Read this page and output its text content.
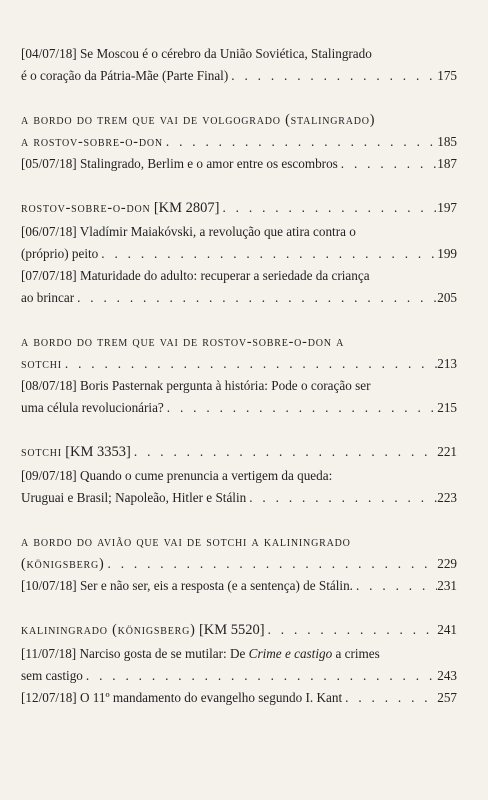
[04/07/18] Se Moscou é o cérebro da União Soviética, Stalingrado
é o coração da Pátria-Mãe (Parte Final) . . .	175
a bordo do trem que vai de volgogrado (stalingrado)
a rostov-sobre-o-don . . .	185
[05/07/18] Stalingrado, Berlim e o amor entre os escombros . . .	187
rostov-sobre-o-don
[KM 2807] . . .	197
[06/07/18] Vladímir Maiakóvski, a revolução que atira contra o
(próprio) peito . . .	199
[07/07/18] Maturidade do adulto: recuperar a seriedade da criança
ao brincar . . .	205
a bordo do trem que vai de rostov-sobre-o-don a
sotchi . . .	213
[08/07/18] Boris Pasternak pergunta à história: Pode o coração ser
uma célula revolucionária? . . .	215
sotchi
[KM 3353] . . .	221
[09/07/18] Quando o cume prenuncia a vertigem da queda:
Uruguai e Brasil; Napoleão, Hitler e Stálin . . .	223
a bordo do avião que vai de sotchi a kaliningrado
(königsberg) . . .	229
[10/07/18] Ser e não ser, eis a resposta (e a sentença) de Stálin. . . .	231
kaliningrado (königsberg)
[KM 5520] . . .	241
[11/07/18] Narciso gosta de se mutilar: De Crime e castigo a crimes
sem castigo . . .	243
[12/07/18] O 11º mandamento do evangelho segundo I. Kant . . .	257
